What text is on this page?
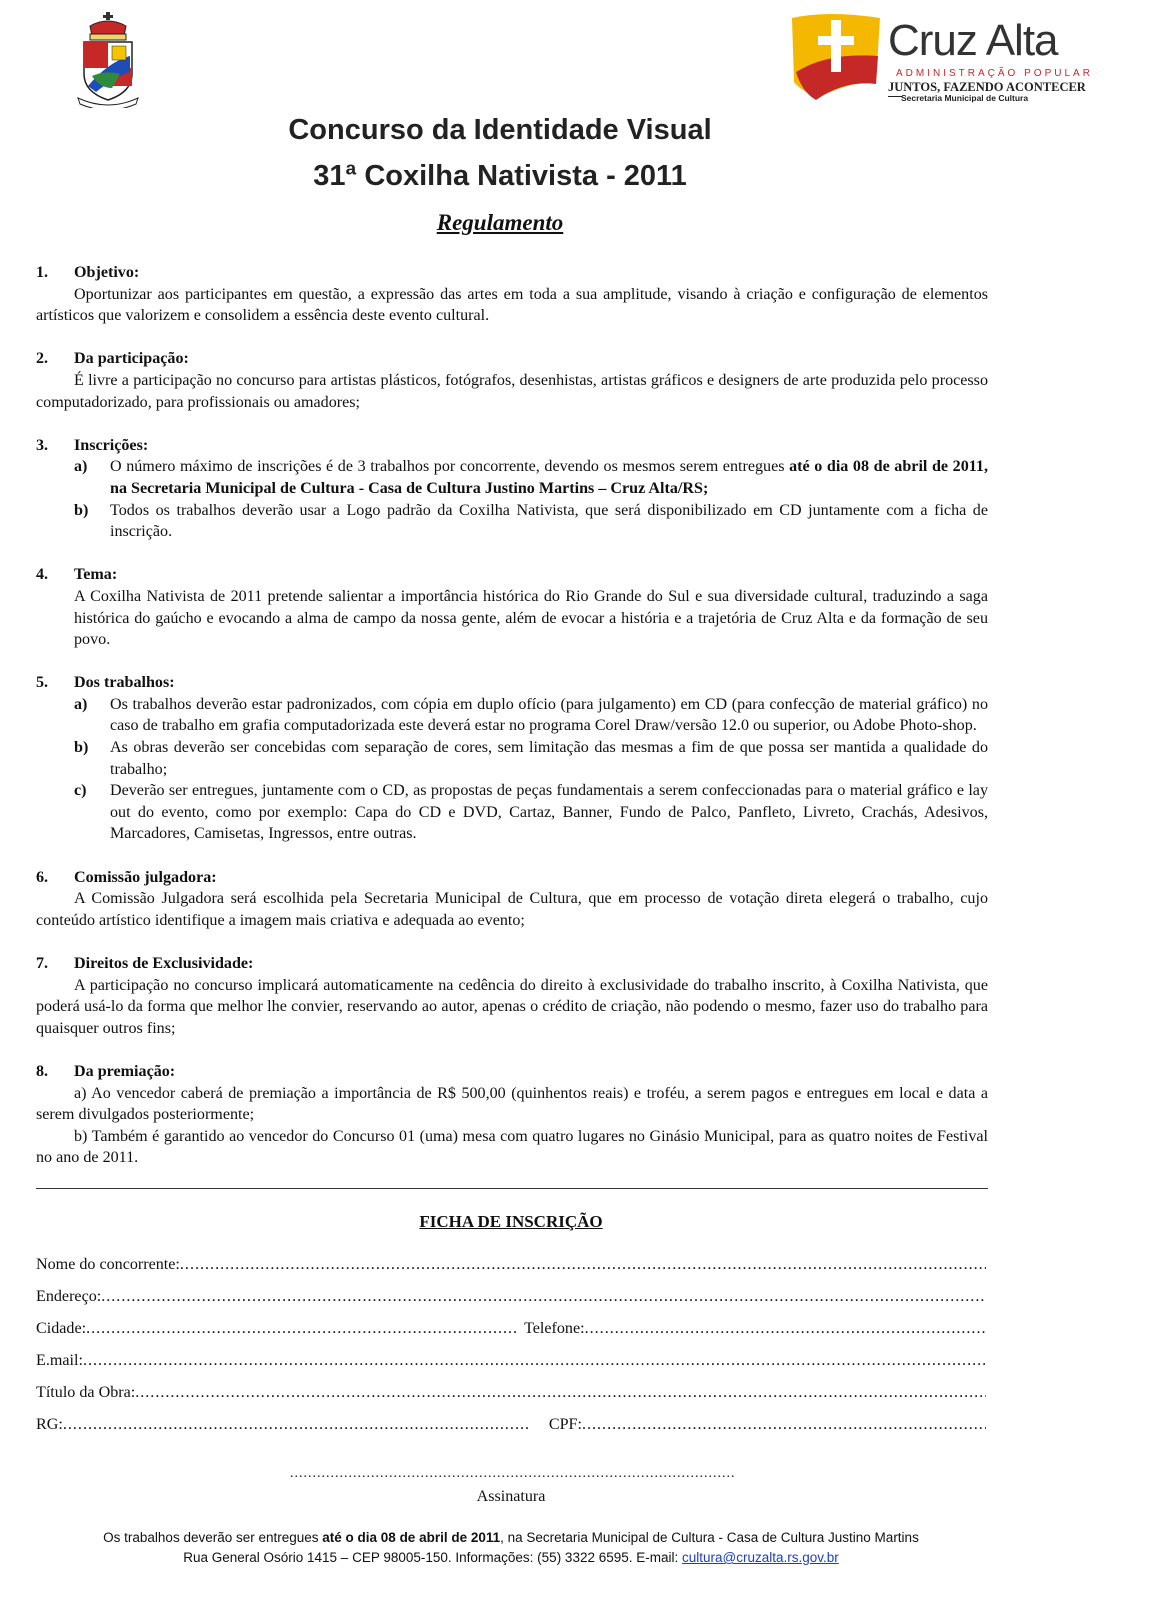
Cruz Alta
ADMINISTRAÇÃO POPULAR
JUNTOS, FAZENDO ACONTECER
Secretaria Municipal de Cultura
Concurso da Identidade Visual
31ª Coxilha Nativista - 2011
Regulamento
1. Objetivo:
Oportunizar aos participantes em questão, a expressão das artes em toda a sua amplitude, visando à criação e configuração de elementos artísticos que valorizem e consolidem a essência deste evento cultural.
2. Da participação:
É livre a participação no concurso para artistas plásticos, fotógrafos, desenhistas, artistas gráficos e designers de arte produzida pelo processo computadorizado, para profissionais ou amadores;
3. Inscrições:
a)	O número máximo de inscrições é de 3 trabalhos por concorrente, devendo os mesmos serem entregues até o dia 08 de abril de 2011, na Secretaria Municipal de Cultura - Casa de Cultura Justino Martins – Cruz Alta/RS;
b)	Todos os trabalhos deverão usar a Logo padrão da Coxilha Nativista, que será disponibilizado em CD juntamente com a ficha de inscrição.
4. Tema:
A Coxilha Nativista de 2011 pretende salientar a importância histórica do Rio Grande do Sul e sua diversidade cultural, traduzindo a saga histórica do gaúcho e evocando a alma de campo da nossa gente, além de evocar a história e a trajetória de Cruz Alta e da formação de seu povo.
5. Dos trabalhos:
a)	Os trabalhos deverão estar padronizados, com cópia em duplo ofício (para julgamento) em CD (para confecção de material gráfico) no caso de trabalho em grafia computadorizada este deverá estar no programa Corel Draw/versão 12.0 ou superior, ou Adobe Photo-shop.
b)	As obras deverão ser concebidas com separação de cores, sem limitação das mesmas a fim de que possa ser mantida a qualidade do trabalho;
c)	Deverão ser entregues, juntamente com o CD, as propostas de peças fundamentais a serem confeccionadas para o material gráfico e lay out do evento, como por exemplo: Capa do CD e DVD, Cartaz, Banner, Fundo de Palco, Panfleto, Livreto, Crachás, Adesivos, Marcadores, Camisetas, Ingressos, entre outras.
6. Comissão julgadora:
A Comissão Julgadora será escolhida pela Secretaria Municipal de Cultura, que em processo de votação direta elegerá o trabalho, cujo conteúdo artístico identifique a imagem mais criativa e adequada ao evento;
7. Direitos de Exclusividade:
A participação no concurso implicará automaticamente na cedência do direito à exclusividade do trabalho inscrito, à Coxilha Nativista, que poderá usá-lo da forma que melhor lhe convier, reservando ao autor, apenas o crédito de criação, não podendo o mesmo, fazer uso do trabalho para quaisquer outros fins;
8. Da premiação:
a) Ao vencedor caberá de premiação a importância de R$ 500,00 (quinhentos reais) e troféu, a serem pagos e entregues em local e data a serem divulgados posteriormente;
b) Também é garantido ao vencedor do Concurso 01 (uma) mesa com quatro lugares no Ginásio Municipal, para as quatro noites de Festival no ano de 2011.
FICHA DE INSCRIÇÃO
Nome do concorrente:
.....
Endereço:
.....
Cidade: .....	Telefone:
.....
E.mail:
.....
Título da Obra:
.....
RG: .....	CPF:
.....
.....
Assinatura
Os trabalhos deverão ser entregues até o dia 08 de abril de 2011, na Secretaria Municipal de Cultura - Casa de Cultura Justino Martins
Rua General Osório 1415 – CEP 98005-150. Informações: (55) 3322 6595. E-mail: cultura@cruzalta.rs.gov.br
